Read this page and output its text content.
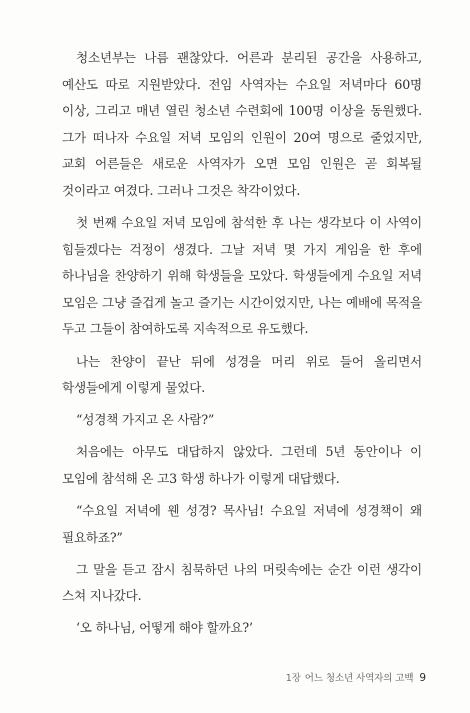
청소년부는 나름 괜찮았다. 어른과 분리된 공간을 사용하고, 예산도 따로 지원받았다. 전임 사역자는 수요일 저녁마다 60명 이상, 그리고 매년 열린 청소년 수련회에 100명 이상을 동원했다. 그가 떠나자 수요일 저녁 모임의 인원이 20여 명으로 줄었지만, 교회 어른들은 새로운 사역자가 오면 모임 인원은 곧 회복될 것이라고 여겼다. 그러나 그것은 착각이었다.

첫 번째 수요일 저녁 모임에 참석한 후 나는 생각보다 이 사역이 힘들겠다는 걱정이 생겼다. 그날 저녁 몇 가지 게임을 한 후에 하나님을 찬양하기 위해 학생들을 모았다. 학생들에게 수요일 저녁 모임은 그냥 즐겁게 놀고 즐기는 시간이었지만, 나는 예배에 목적을 두고 그들이 참여하도록 지속적으로 유도했다.

나는 찬양이 끝난 뒤에 성경을 머리 위로 들어 올리면서 학생들에게 이렇게 물었다.

“성경책 가지고 온 사람?”

처음에는 아무도 대답하지 않았다. 그런데 5년 동안이나 이 모임에 참석해 온 고3 학생 하나가 이렇게 대답했다.

“수요일 저녁에 웬 성경? 목사님! 수요일 저녁에 성경책이 왜 필요하죠?”

그 말을 듣고 잠시 침묵하던 나의 머릿속에는 순간 이런 생각이 스쳐 지나갔다.

‘오 하나님, 어떻게 해야 할까요?’

1장 어느 청소년 사역자의 고백 9
